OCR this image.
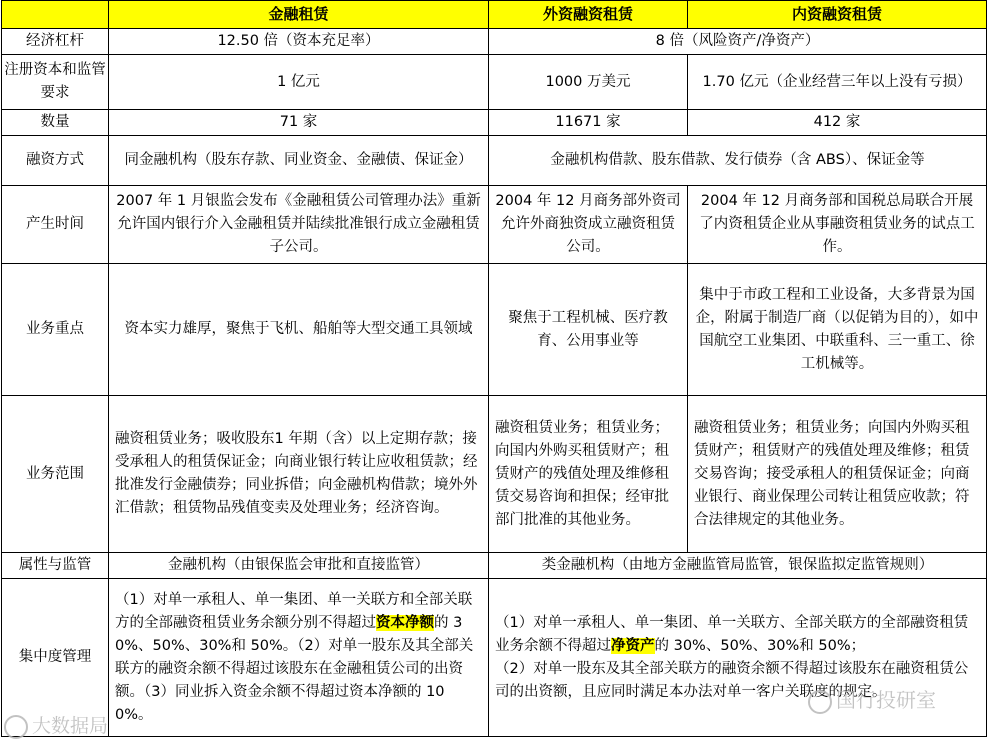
	金融租赁	外资融资租赁	内资融资租赁
经济杠杆	12.50 倍（资本充足率）	8 倍（风险资产/净资产）	
注册资本和监管要求	1 亿元	1000 万美元	1.70 亿元（企业经营三年以上没有亏损）
数量	71 家	11671 家	412 家
融资方式	同金融机构（股东存款、同业资金、金融债、保证金）	金融机构借款、股东借款、发行债券（含 ABS）、保证金等	
产生时间	2007 年 1 月银监会发布《金融租赁公司管理办法》重新允许国内银行介入金融租赁并陆续批准银行成立金融租赁子公司。	2004 年 12 月商务部外资司允许外商独资成立融资租赁公司。	2004 年 12 月商务部和国税总局联合开展了内资租赁企业从事融资租赁业务的试点工作。
业务重点	资本实力雄厚，聚焦于飞机、船舶等大型交通工具领域	聚焦于工程机械、医疗教育、公用事业等	集中于市政工程和工业设备，大多背景为国企，附属于制造厂商（以促销为目的），如中国航空工业集团、中联重科、三一重工、徐工机械等。
业务范围	融资租赁业务；吸收股东1 年期（含）以上定期存款；接受承租人的租赁保证金；向商业银行转让应收租赁款；经批准发行金融债券；同业拆借；向金融机构借款；境外外汇借款；租赁物品残值变卖及处理业务；经济咨询。	融资租赁业务；租赁业务；向国内外购买租赁财产；租赁财产的残值处理及维修租赁交易咨询和担保；经审批部门批准的其他业务。	融资租赁业务；租赁业务；向国内外购买租赁财产；租赁财产的残值处理及维修；租赁交易咨询；接受承租人的租赁保证金；向商业银行、商业保理公司转让租赁应收款；符合法律规定的其他业务。
属性与监管	金融机构（由银保监会审批和直接监管）	类金融机构（由地方金融监管局监管，银保监拟定监管规则）	
集中度管理	（1）对单一承租人、单一集团、单一关联方和全部关联方的全部融资租赁业务余额分别不得超过资本净额的 30%、50%、30%和 50%。（2）对单一股东及其全部关联方的融资余额不得超过该股东在金融租赁公司的出资额。（3）同业拆入资金余额不得超过资本净额的 100%。	（1）对单一承租人、单一集团、单一关联方、全部关联方的全部融资租赁业务余额不得超过净资产的 30%、50%、30%和 50%；
（2）对单一股东及其全部关联方的融资余额不得超过该股东在融资租赁公司的出资额，且应同时满足本办法对单一客户关联度的规定。	
大数据局
国行投研室
